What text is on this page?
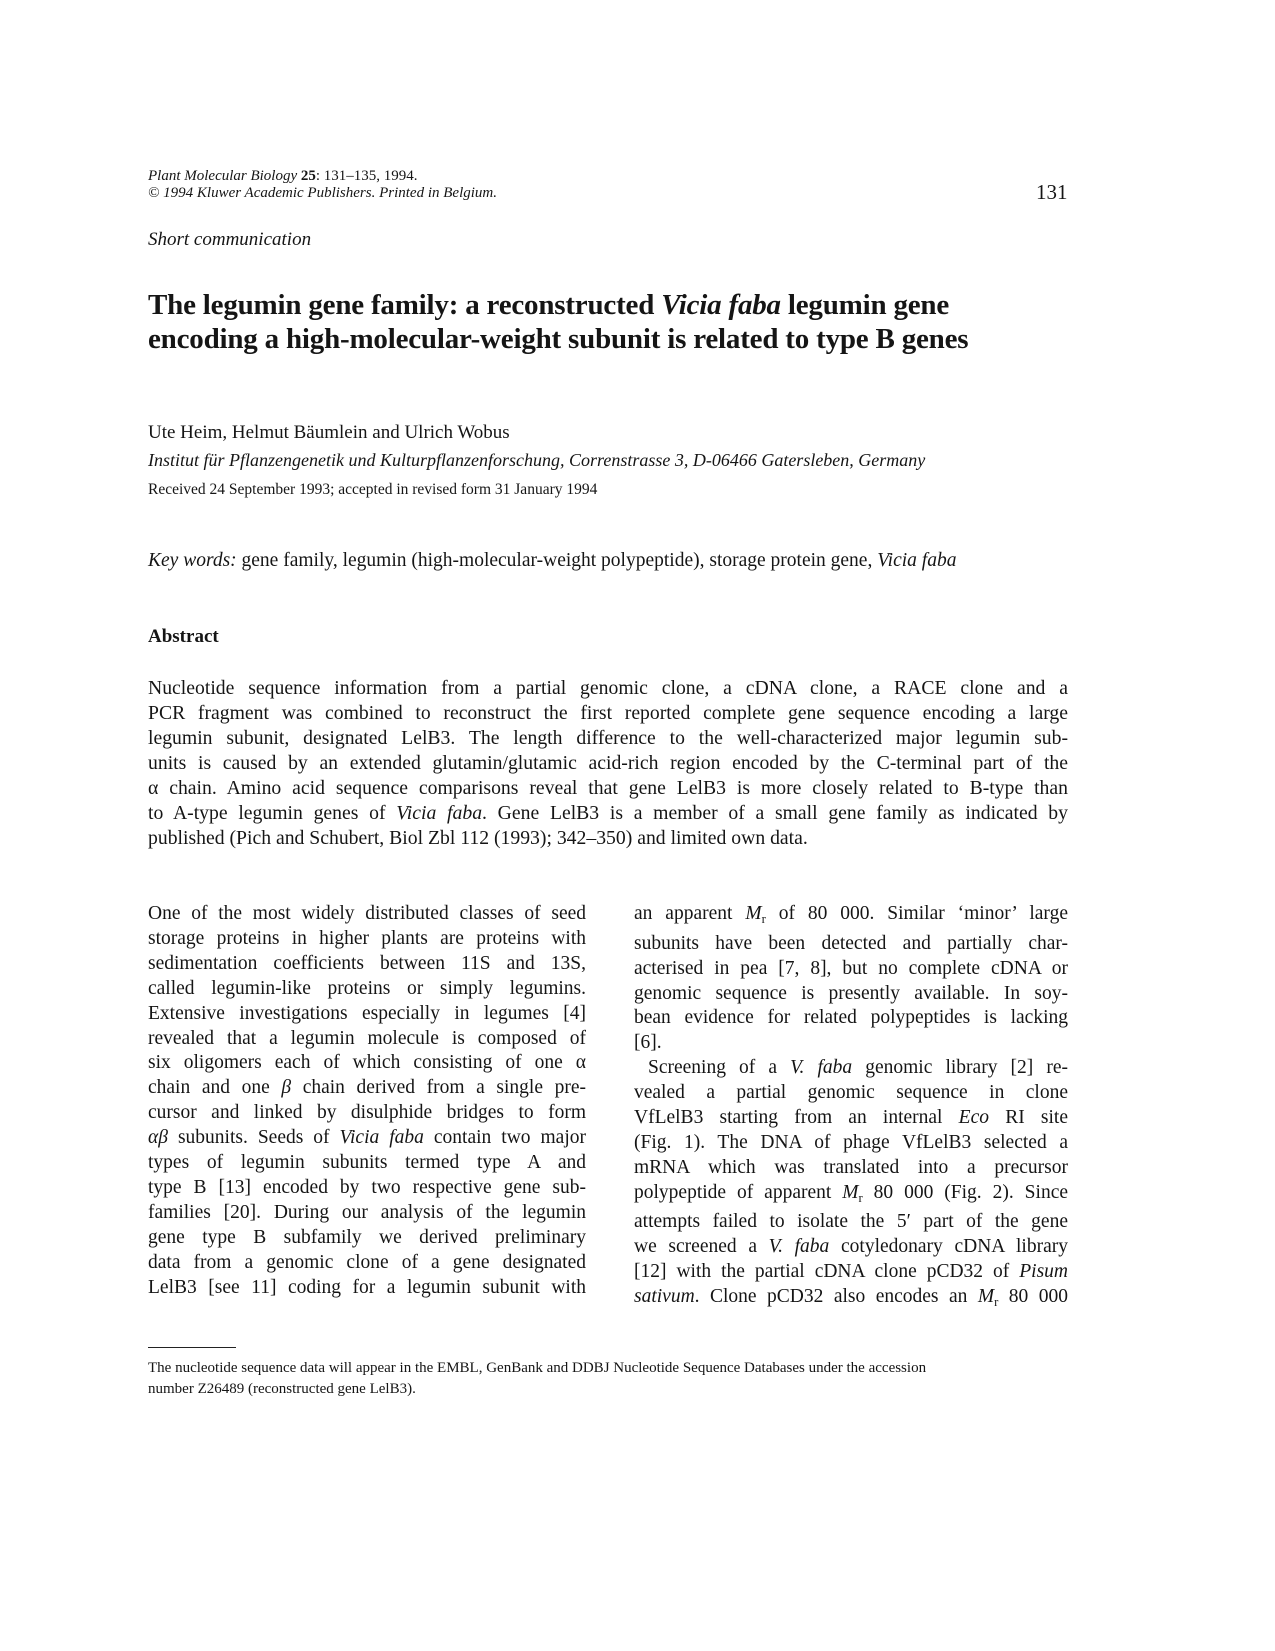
Plant Molecular Biology 25: 131–135, 1994.
© 1994 Kluwer Academic Publishers. Printed in Belgium.	131
Short communication
The legumin gene family: a reconstructed Vicia faba legumin gene
encoding a high-molecular-weight subunit is related to type B genes
Ute Heim, Helmut Bäumlein and Ulrich Wobus
Institut für Pflanzengenetik und Kulturpflanzenforschung, Correnstrasse 3, D-06466 Gatersleben, Germany
Received 24 September 1993; accepted in revised form 31 January 1994
Key words: gene family, legumin (high-molecular-weight polypeptide), storage protein gene, Vicia faba
Abstract
Nucleotide sequence information from a partial genomic clone, a cDNA clone, a RACE clone and a
PCR fragment was combined to reconstruct the first reported complete gene sequence encoding a large
legumin subunit, designated LelB3. The length difference to the well-characterized major legumin sub-
units is caused by an extended glutamin/glutamic acid-rich region encoded by the C-terminal part of the
α chain. Amino acid sequence comparisons reveal that gene LelB3 is more closely related to B-type than
to A-type legumin genes of Vicia faba. Gene LelB3 is a member of a small gene family as indicated by
published (Pich and Schubert, Biol Zbl 112 (1993); 342–350) and limited own data.
One of the most widely distributed classes of seed
storage proteins in higher plants are proteins with
sedimentation coefficients between 11S and 13S,
called legumin-like proteins or simply legumins.
Extensive investigations especially in legumes [4]
revealed that a legumin molecule is composed of
six oligomers each of which consisting of one α
chain and one β chain derived from a single pre-
cursor and linked by disulphide bridges to form
αβ subunits. Seeds of Vicia faba contain two major
types of legumin subunits termed type A and
type B [13] encoded by two respective gene sub-
families [20]. During our analysis of the legumin
gene type B subfamily we derived preliminary
data from a genomic clone of a gene designated
LelB3 [see 11] coding for a legumin subunit with
an apparent $M_r$ of 80 000. Similar ‘minor’ large
subunits have been detected and partially char-
acterised in pea [7, 8], but no complete cDNA or
genomic sequence is presently available. In soy-
bean evidence for related polypeptides is lacking
[6].
Screening of a V. faba genomic library [2] re-
vealed a partial genomic sequence in clone
VfLelB3 starting from an internal Eco RI site
(Fig. 1). The DNA of phage VfLelB3 selected a
mRNA which was translated into a precursor
polypeptide of apparent $M_r$ 80 000 (Fig. 2). Since
attempts failed to isolate the 5′ part of the gene
we screened a V. faba cotyledonary cDNA library
[12] with the partial cDNA clone pCD32 of Pisum
sativum. Clone pCD32 also encodes an $M_r$ 80 000
The nucleotide sequence data will appear in the EMBL, GenBank and DDBJ Nucleotide Sequence Databases under the accession
number Z26489 (reconstructed gene LelB3).
